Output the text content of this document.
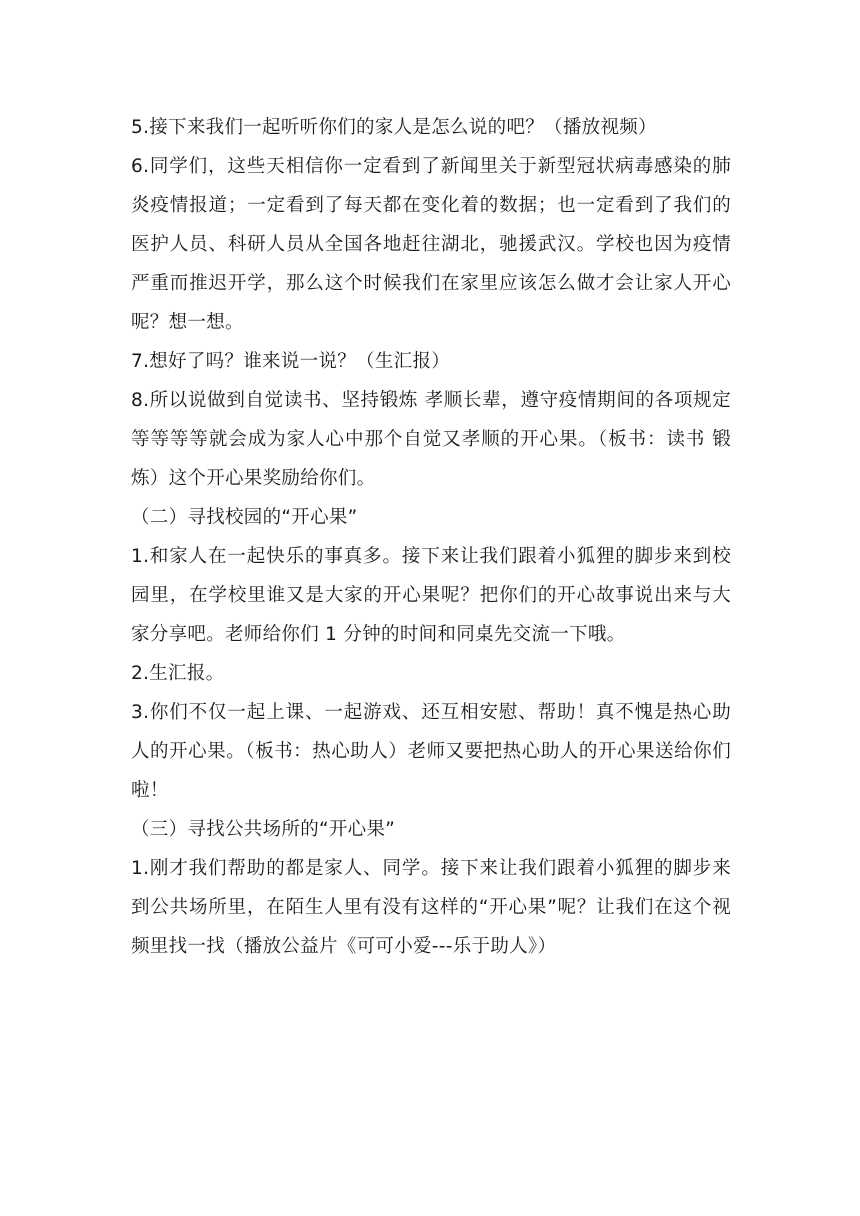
5.接下来我们一起听听你们的家人是怎么说的吧？（播放视频）

6.同学们，这些天相信你一定看到了新闻里关于新型冠状病毒感染的肺炎疫情报道；一定看到了每天都在变化着的数据；也一定看到了我们的医护人员、科研人员从全国各地赶往湖北，驰援武汉。学校也因为疫情严重而推迟开学，那么这个时候我们在家里应该怎么做才会让家人开心呢？想一想。

7.想好了吗？谁来说一说？（生汇报）

8.所以说做到自觉读书、坚持锻炼 孝顺长辈，遵守疫情期间的各项规定等等等等就会成为家人心中那个自觉又孝顺的开心果。（板书：读书 锻炼）这个开心果奖励给你们。

（二）寻找校园的“开心果”

1.和家人在一起快乐的事真多。接下来让我们跟着小狐狸的脚步来到校园里，在学校里谁又是大家的开心果呢？把你们的开心故事说出来与大家分享吧。老师给你们 1 分钟的时间和同桌先交流一下哦。

2.生汇报。

3.你们不仅一起上课、一起游戏、还互相安慰、帮助！真不愧是热心助人的开心果。（板书：热心助人）老师又要把热心助人的开心果送给你们啦！

（三）寻找公共场所的“开心果”

1.刚才我们帮助的都是家人、同学。接下来让我们跟着小狐狸的脚步来到公共场所里，在陌生人里有没有这样的“开心果”呢？让我们在这个视频里找一找（播放公益片《可可小爱---乐于助人》）
